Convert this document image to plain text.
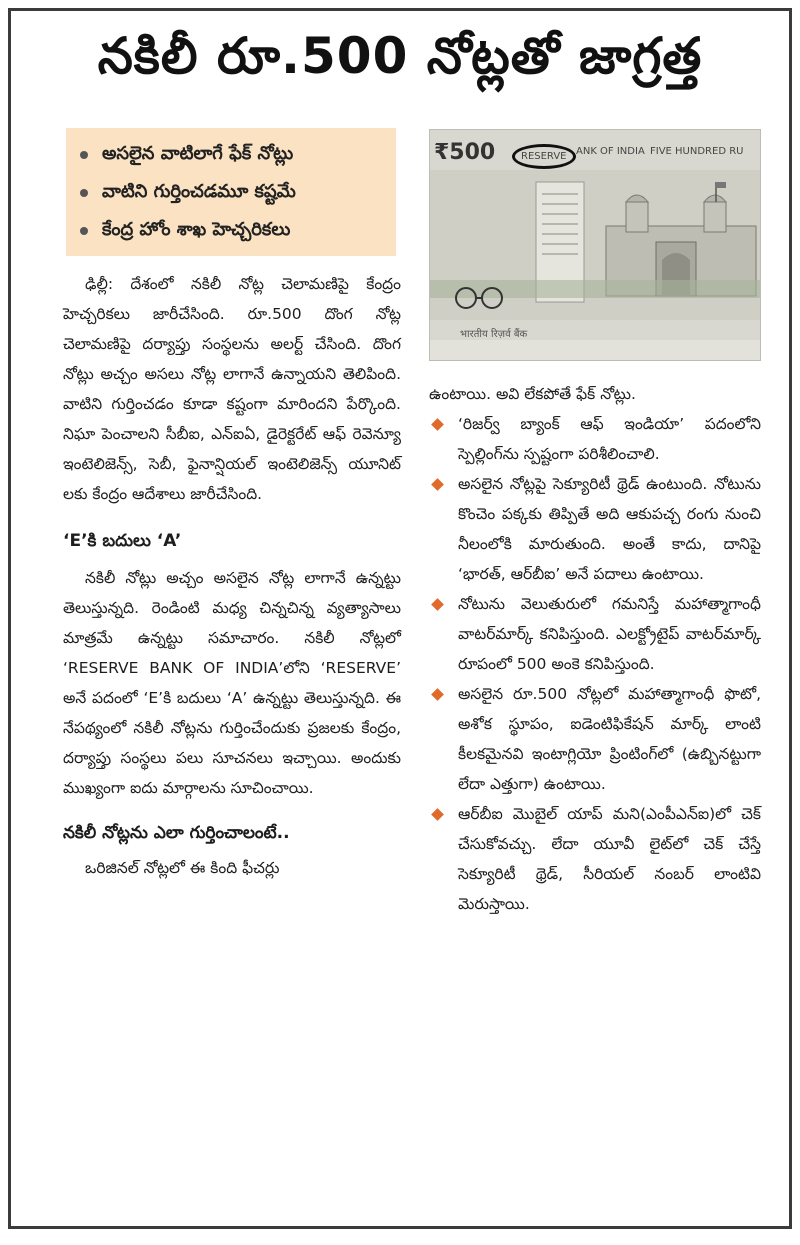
నకిలీ రూ.500 నోట్లతో జాగ్రత్త
అసలైన వాటిలాగే ఫేక్ నోట్లు
వాటిని గుర్తించడమూ కష్టమే
కేంద్ర హోం శాఖ హెచ్చరికలు
₹500	RESERVE ANK OF INDIA FIVE HUNDRED RU
भारतीय रिज़र्व बैंक

ఢిల్లీ: దేశంలో నకిలీ నోట్ల చెలామణిపై కేంద్రం హెచ్చరికలు జారీచేసింది. రూ.500 దొంగ నోట్ల చెలామణిపై దర్యాప్తు సంస్థలను అలర్ట్ చేసింది. దొంగ నోట్లు అచ్చం అసలు నోట్ల లాగానే ఉన్నాయని తెలిపింది. వాటిని గుర్తించడం కూడా కష్టంగా మారిందని పేర్కొంది. నిఘా పెంచాలని సీబీఐ, ఎన్ఐఏ, డైరెక్టరేట్ ఆఫ్ రెవెన్యూ ఇంటెలిజెన్స్, సెబీ, ఫైనాన్షియల్ ఇంటెలిజెన్స్ యూనిట్ లకు కేంద్రం ఆదేశాలు జారీచేసింది.

‘E’కి బదులు ‘A’

నకిలీ నోట్లు అచ్చం అసలైన నోట్ల లాగానే ఉన్నట్టు తెలుస్తున్నది. రెండింటి మధ్య చిన్నచిన్న వ్యత్యాసాలు మాత్రమే ఉన్నట్టు సమాచారం. నకిలీ నోట్లలో ‘RESERVE BANK OF INDIA’లోని ‘RESERVE’ అనే పదంలో ‘E’కి బదులు ‘A’ ఉన్నట్టు తెలుస్తున్నది. ఈ నేపథ్యంలో నకిలీ నోట్లను గుర్తించేందుకు ప్రజలకు కేంద్రం, దర్యాప్తు సంస్థలు పలు సూచనలు ఇచ్చాయి. అందుకు ముఖ్యంగా ఐదు మార్గాలను సూచించాయి.

నకిలీ నోట్లను ఎలా గుర్తించాలంటే..

ఒరిజినల్ నోట్లలో ఈ కింది ఫీచర్లు

ఉంటాయి. అవి లేకపోతే ఫేక్ నోట్లు.

‘రిజర్వ్ బ్యాంక్ ఆఫ్ ఇండియా’ పదంలోని స్పెల్లింగ్‌ను స్పష్టంగా పరిశీలించాలి.
అసలైన నోట్లపై సెక్యూరిటీ థ్రెడ్ ఉంటుంది. నోటును కొంచెం పక్కకు తిప్పితే అది ఆకుపచ్చ రంగు నుంచి నీలంలోకి మారుతుంది. అంతే కాదు, దానిపై ‘భారత్, ఆర్‌బీఐ’ అనే పదాలు ఉంటాయి.
నోటును వెలుతురులో గమనిస్తే మహాత్మాగాంధీ వాటర్‌మార్క్ కనిపిస్తుంది. ఎలక్ట్రోటైప్ వాటర్‌మార్క్ రూపంలో 500 అంకె కనిపిస్తుంది.
అసలైన రూ.500 నోట్లలో మహాత్మాగాంధీ ఫొటో, అశోక స్థూపం, ఐడెంటిఫికేషన్ మార్క్ లాంటి కీలకమైనవి ఇంటాగ్లియో ప్రింటింగ్‌లో (ఉబ్బినట్టుగా లేదా ఎత్తుగా) ఉంటాయి.
ఆర్‌బీఐ మొబైల్ యాప్ మని(ఎంపీఎన్ఐ)లో చెక్ చేసుకోవచ్చు. లేదా యూవీ లైట్‌లో చెక్ చేస్తే సెక్యూరిటీ థ్రెడ్, సీరియల్ నంబర్ లాంటివి మెరుస్తాయి.
